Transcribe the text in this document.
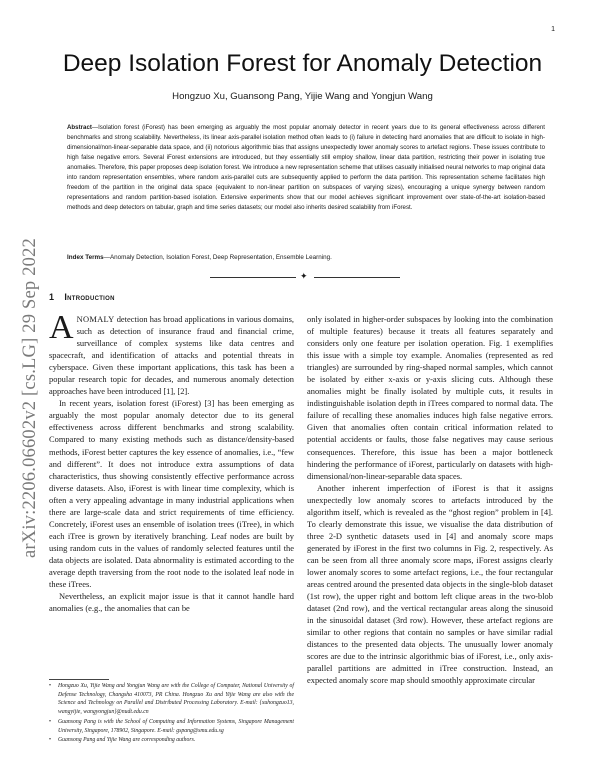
1
arXiv:2206.06602v2 [cs.LG] 29 Sep 2022
Deep Isolation Forest for Anomaly Detection
Hongzuo Xu, Guansong Pang, Yijie Wang and Yongjun Wang

Abstract—Isolation forest (iForest) has been emerging as arguably the most popular anomaly detector in recent years due to its general effectiveness across different benchmarks and strong scalability. Nevertheless, its linear axis-parallel isolation method often leads to (i) failure in detecting hard anomalies that are difficult to isolate in high-dimensional/non-linear-separable data space, and (ii) notorious algorithmic bias that assigns unexpectedly lower anomaly scores to artefact regions. These issues contribute to high false negative errors. Several iForest extensions are introduced, but they essentially still employ shallow, linear data partition, restricting their power in isolating true anomalies. Therefore, this paper proposes deep isolation forest. We introduce a new representation scheme that utilises casually initialised neural networks to map original data into random representation ensembles, where random axis-parallel cuts are subsequently applied to perform the data partition. This representation scheme facilitates high freedom of the partition in the original data space (equivalent to non-linear partition on subspaces of varying sizes), encouraging a unique synergy between random representations and random partition-based isolation. Extensive experiments show that our model achieves significant improvement over state-of-the-art isolation-based methods and deep detectors on tabular, graph and time series datasets; our model also inherits desired scalability from iForest.

Index Terms—Anomaly Detection, Isolation Forest, Deep Representation, Ensemble Learning.

✦
1 Introduction

ANOMALY detection has broad applications in various domains, such as detection of insurance fraud and financial crime, surveillance of complex systems like data centres and spacecraft, and identification of attacks and potential threats in cyberspace. Given these important applications, this task has been a popular research topic for decades, and numerous anomaly detection approaches have been introduced [1], [2].

In recent years, isolation forest (iForest) [3] has been emerging as arguably the most popular anomaly detector due to its general effectiveness across different benchmarks and strong scalability. Compared to many existing methods such as distance/density-based methods, iForest better captures the key essence of anomalies, i.e., “few and different”. It does not introduce extra assumptions of data characteristics, thus showing consistently effective performance across diverse datasets. Also, iForest is with linear time complexity, which is often a very appealing advantage in many industrial applications when there are large-scale data and strict requirements of time efficiency. Concretely, iForest uses an ensemble of isolation trees (iTree), in which each iTree is grown by iteratively branching. Leaf nodes are built by using random cuts in the values of randomly selected features until the data objects are isolated. Data abnormality is estimated according to the average depth traversing from the root node to the isolated leaf node in these iTrees.

Nevertheless, an explicit major issue is that it cannot handle hard anomalies (e.g., the anomalies that can be

only isolated in higher-order subspaces by looking into the combination of multiple features) because it treats all features separately and considers only one feature per isolation operation. Fig. 1 exemplifies this issue with a simple toy example. Anomalies (represented as red triangles) are surrounded by ring-shaped normal samples, which cannot be isolated by either x-axis or y-axis slicing cuts. Although these anomalies might be finally isolated by multiple cuts, it results in indistinguishable isolation depth in iTrees compared to normal data. The failure of recalling these anomalies induces high false negative errors. Given that anomalies often contain critical information related to potential accidents or faults, those false negatives may cause serious consequences. Therefore, this issue has been a major bottleneck hindering the performance of iForest, particularly on datasets with high-dimensional/non-linear-separable data spaces.

Another inherent imperfection of iForest is that it assigns unexpectedly low anomaly scores to artefacts introduced by the algorithm itself, which is revealed as the “ghost region” problem in [4]. To clearly demonstrate this issue, we visualise the data distribution of three 2-D synthetic datasets used in [4] and anomaly score maps generated by iForest in the first two columns in Fig. 2, respectively. As can be seen from all three anomaly score maps, iForest assigns clearly lower anomaly scores to some artefact regions, i.e., the four rectangular areas centred around the presented data objects in the single-blob dataset (1st row), the upper right and bottom left clique areas in the two-blob dataset (2nd row), and the vertical rectangular areas along the sinusoid in the sinusoidal dataset (3rd row). However, these artefact regions are similar to other regions that contain no samples or have similar radial distances to the presented data objects. The unusually lower anomaly scores are due to the intrinsic algorithmic bias of iForest, i.e., only axis-parallel partitions are admitted in iTree construction. Instead, an expected anomaly score map should smoothly approximate circular

• Hongzuo Xu, Yijie Wang and Yongjun Wang are with the College of Computer, National University of Defense Technology, Changsha 410073, PR China. Hongzuo Xu and Yijie Wang are also with the Science and Technology on Parallel and Distributed Processing Laboratory. E-mail: {xuhongzuo13, wangyijie, wangyongjun}@nudt.edu.cn
• Guansong Pang is with the School of Computing and Information Systems, Singapore Management University, Singapore, 178902, Singapore. E-mail: gspang@smu.edu.sg
• Guansong Pang and Yijie Wang are corresponding authors.
